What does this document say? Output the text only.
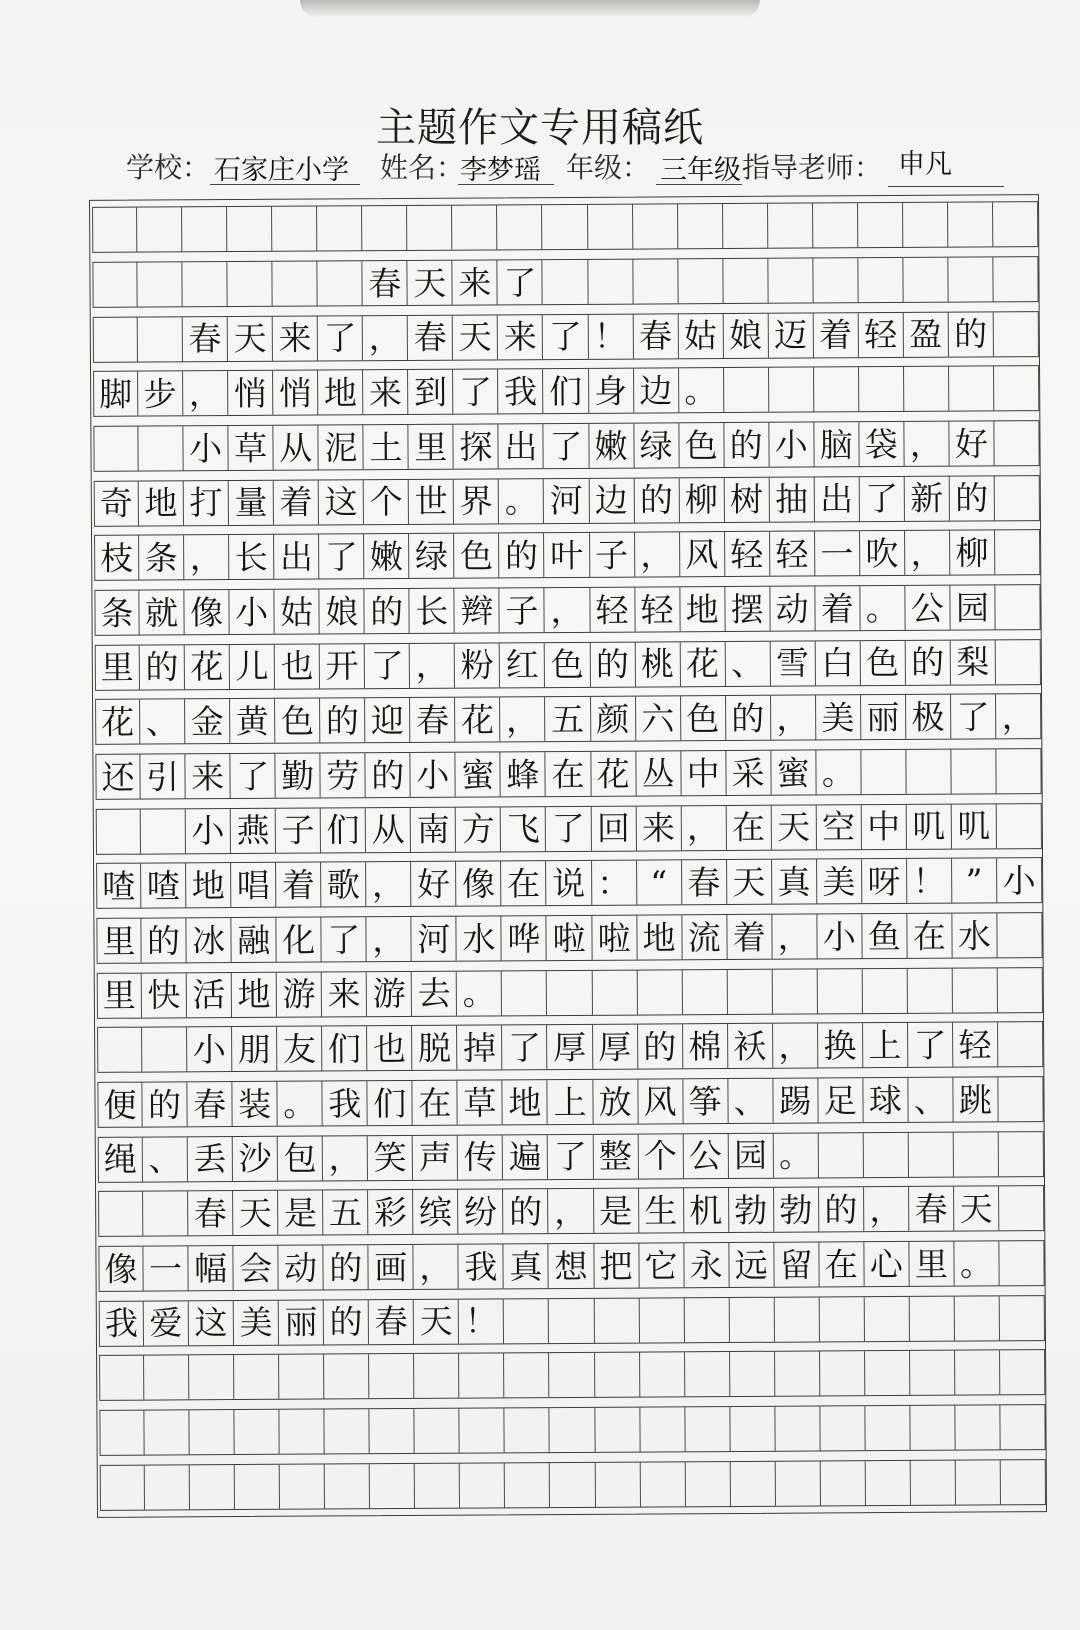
主题作文专用稿纸
学校： 石家庄小学 姓名：
李梦瑶 年级： 三年级 指导老师： 申凡
春 天 来 了
春 天 来 了 ， 春 天 来 了 ！ 春 姑 娘 迈 着 轻 盈 的
脚 步 ， 悄 悄 地 来 到 了 我 们 身 边 。
小 草 从 泥 土 里 探 出 了 嫩 绿 色 的 小 脑 袋 ， 好
奇 地 打 量 着 这 个 世 界 。 河 边 的 柳 树 抽 出 了 新 的
枝 条 ， 长 出 了 嫩 绿 色 的 叶 子 ， 风 轻 轻 一 吹 ， 柳
条 就 像 小 姑 娘 的 长 辫 子 ， 轻 轻 地 摆 动 着 。 公 园
里 的 花 儿 也 开 了 ， 粉 红 色 的 桃 花 、 雪 白 色 的 梨
花 、 金 黄 色 的 迎 春 花 ， 五 颜 六 色 的 ， 美 丽 极 了 ，
还 引 来 了 勤 劳 的 小 蜜 蜂 在 花 丛 中 采 蜜 。
小 燕 子 们 从 南 方 飞 了 回 来 ， 在 天 空 中 叽 叽
喳 喳 地 唱 着 歌 ， 好 像 在 说 ： “ 春 天 真 美 呀 ！ ” 小
里 的 冰 融 化 了 ， 河 水 哗 啦 啦 地 流 着 ， 小 鱼 在 水
里 快 活 地 游 来 游 去 。
小 朋 友 们 也 脱 掉 了 厚 厚 的 棉 袄 ， 换 上 了 轻
便 的 春 装 。 我 们 在 草 地 上 放 风 筝 、 踢 足 球 、 跳
绳 、 丢 沙 包 ， 笑 声 传 遍 了 整 个 公 园 。
春 天 是 五 彩 缤 纷 的 ， 是 生 机 勃 勃 的 ， 春 天
像 一 幅 会 动 的 画 ， 我 真 想 把 它 永 远 留 在 心 里 。
我 爱 这 美 丽 的 春 天 ！
